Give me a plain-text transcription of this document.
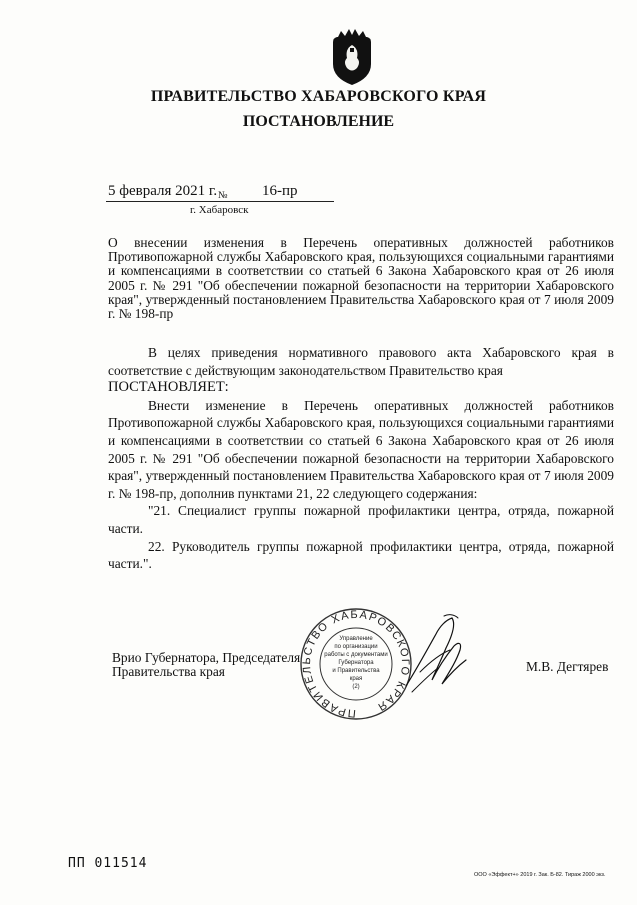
ПРАВИТЕЛЬСТВО ХАБАРОВСКОГО КРАЯ
ПОСТАНОВЛЕНИЕ
5 февраля 2021 г. № 16-пр
г. Хабаровск
О внесении изменения в Перечень оперативных должностей работников Противопожарной службы Хабаровского края, пользующихся социальными гарантиями и компенсациями в соответствии со статьей 6 Закона Хабаровского края от 26 июля 2005 г. № 291 "Об обеспечении пожарной безопасности на территории Хабаровского края", утвержденный постановлением Правительства Хабаровского края от 7 июля 2009 г. № 198-пр

В целях приведения нормативного правового акта Хабаровского края в соответствие с действующим законодательством Правительство края

ПОСТАНОВЛЯЕТ:

Внести изменение в Перечень оперативных должностей работников Противопожарной службы Хабаровского края, пользующихся социальными гарантиями и компенсациями в соответствии со статьей 6 Закона Хабаровского края от 26 июля 2005 г. № 291 "Об обеспечении пожарной безопасности на территории Хабаровского края", утвержденный постановлением Правительства Хабаровского края от 7 июля 2009 г. № 198-пр, дополнив пунктами 21, 22 следующего содержания:

"21. Специалист группы пожарной профилактики центра, отряда, пожарной части.

22. Руководитель группы пожарной профилактики центра, отряда, пожарной части.".

ПРАВИТЕЛЬСТВО ХАБАРОВСКОГО КРАЯ
Управление
по организации
работы с документами
Губернатора
и Правительства
края
(2)
Врио Губернатора, Председателя
Правительства края	М.В. Дегтярев
ПП 011514
ООО «Эффект+» 2019 г. Зак. Б-82. Тираж 2000 экз.
